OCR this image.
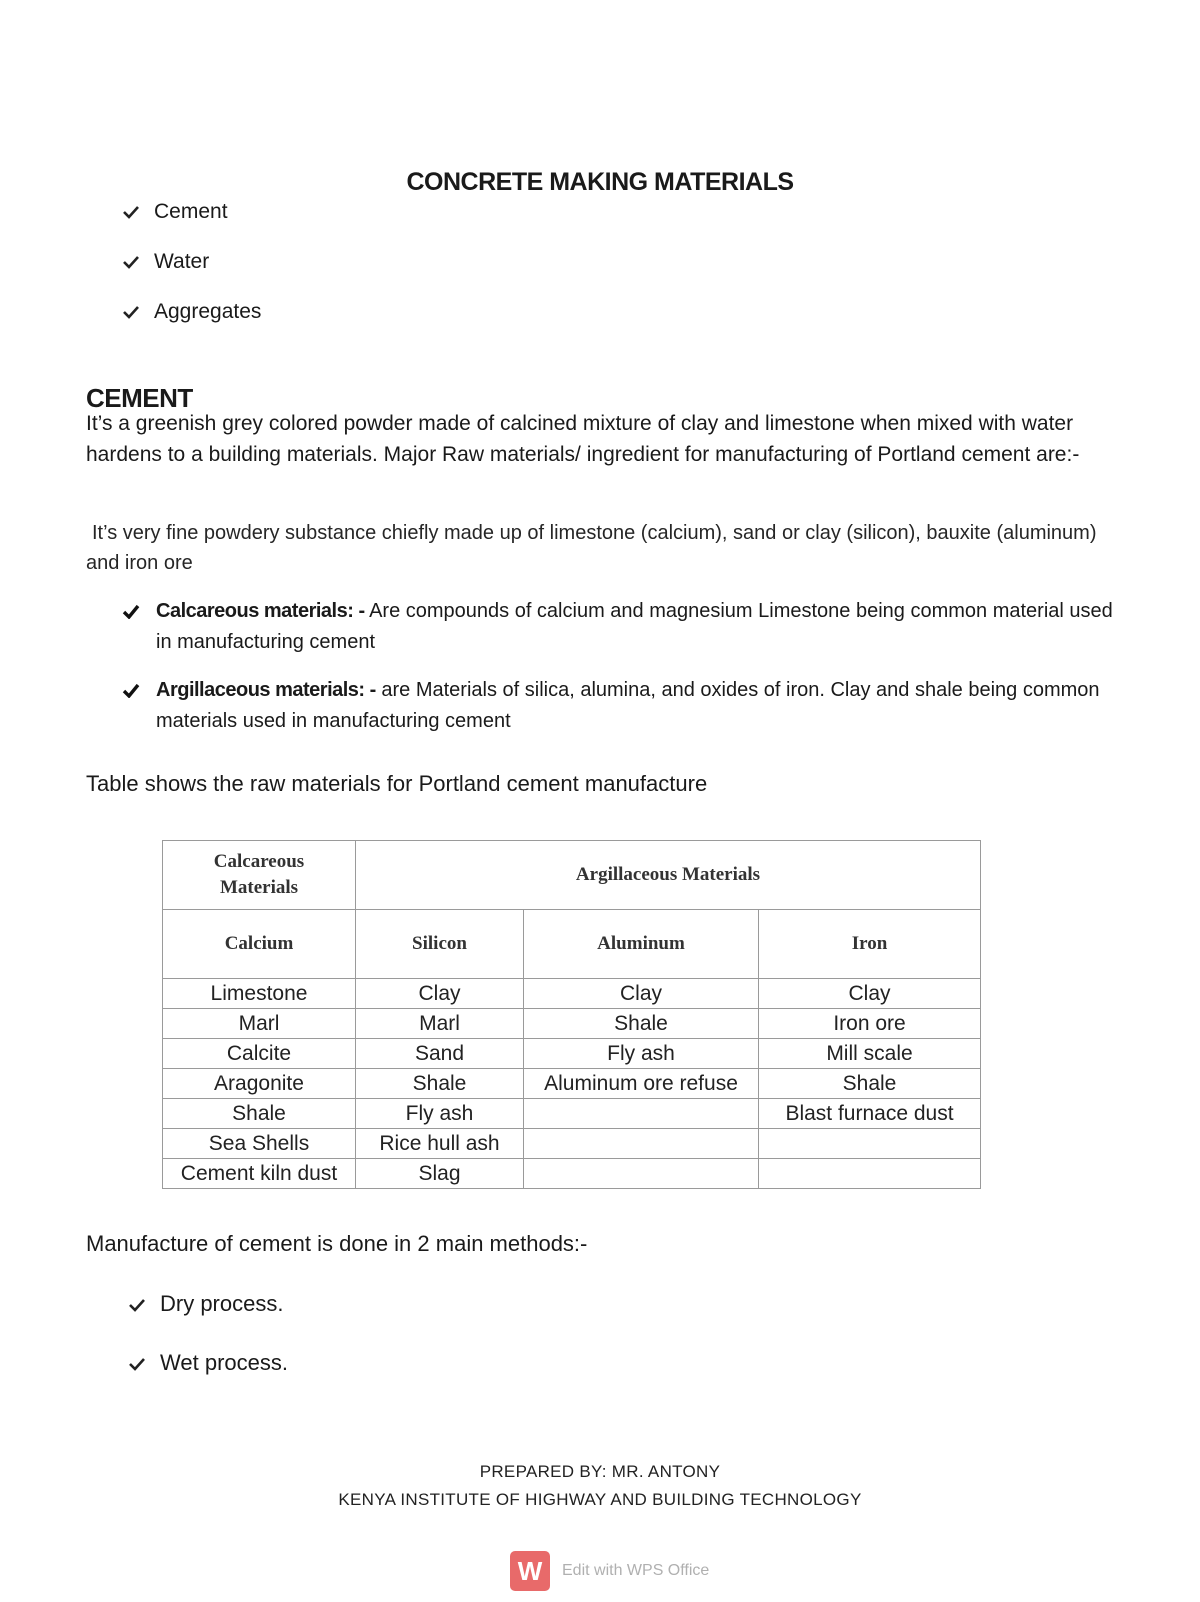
CONCRETE MAKING MATERIALS
Cement
Water
Aggregates
CEMENT
It’s a greenish grey colored powder made of calcined mixture of clay and limestone when mixed with water hardens to a building materials. Major Raw materials/ ingredient for manufacturing of Portland cement are:-
It’s very fine powdery substance chiefly made up of limestone (calcium), sand or clay (silicon), bauxite (aluminum) and iron ore
Calcareous materials: - Are compounds of calcium and magnesium Limestone being common material used in manufacturing cement
Argillaceous materials: - are Materials of silica, alumina, and oxides of iron. Clay and shale being common materials used in manufacturing cement
Table shows the raw materials for Portland cement manufacture
Calcareous Materials	Argillaceous Materials		
Calcium	Silicon	Aluminum	Iron
Limestone	Clay	Clay	Clay
Marl	Marl	Shale	Iron ore
Calcite	Sand	Fly ash	Mill scale
Aragonite	Shale	Aluminum ore refuse	Shale
Shale	Fly ash		Blast furnace dust
Sea Shells	Rice hull ash		
Cement kiln dust	Slag		
Manufacture of cement is done in 2 main methods:-
Dry process.
Wet process.
PREPARED BY: MR. ANTONY
KENYA INSTITUTE OF HIGHWAY AND BUILDING TECHNOLOGY
W	Edit with WPS Office
